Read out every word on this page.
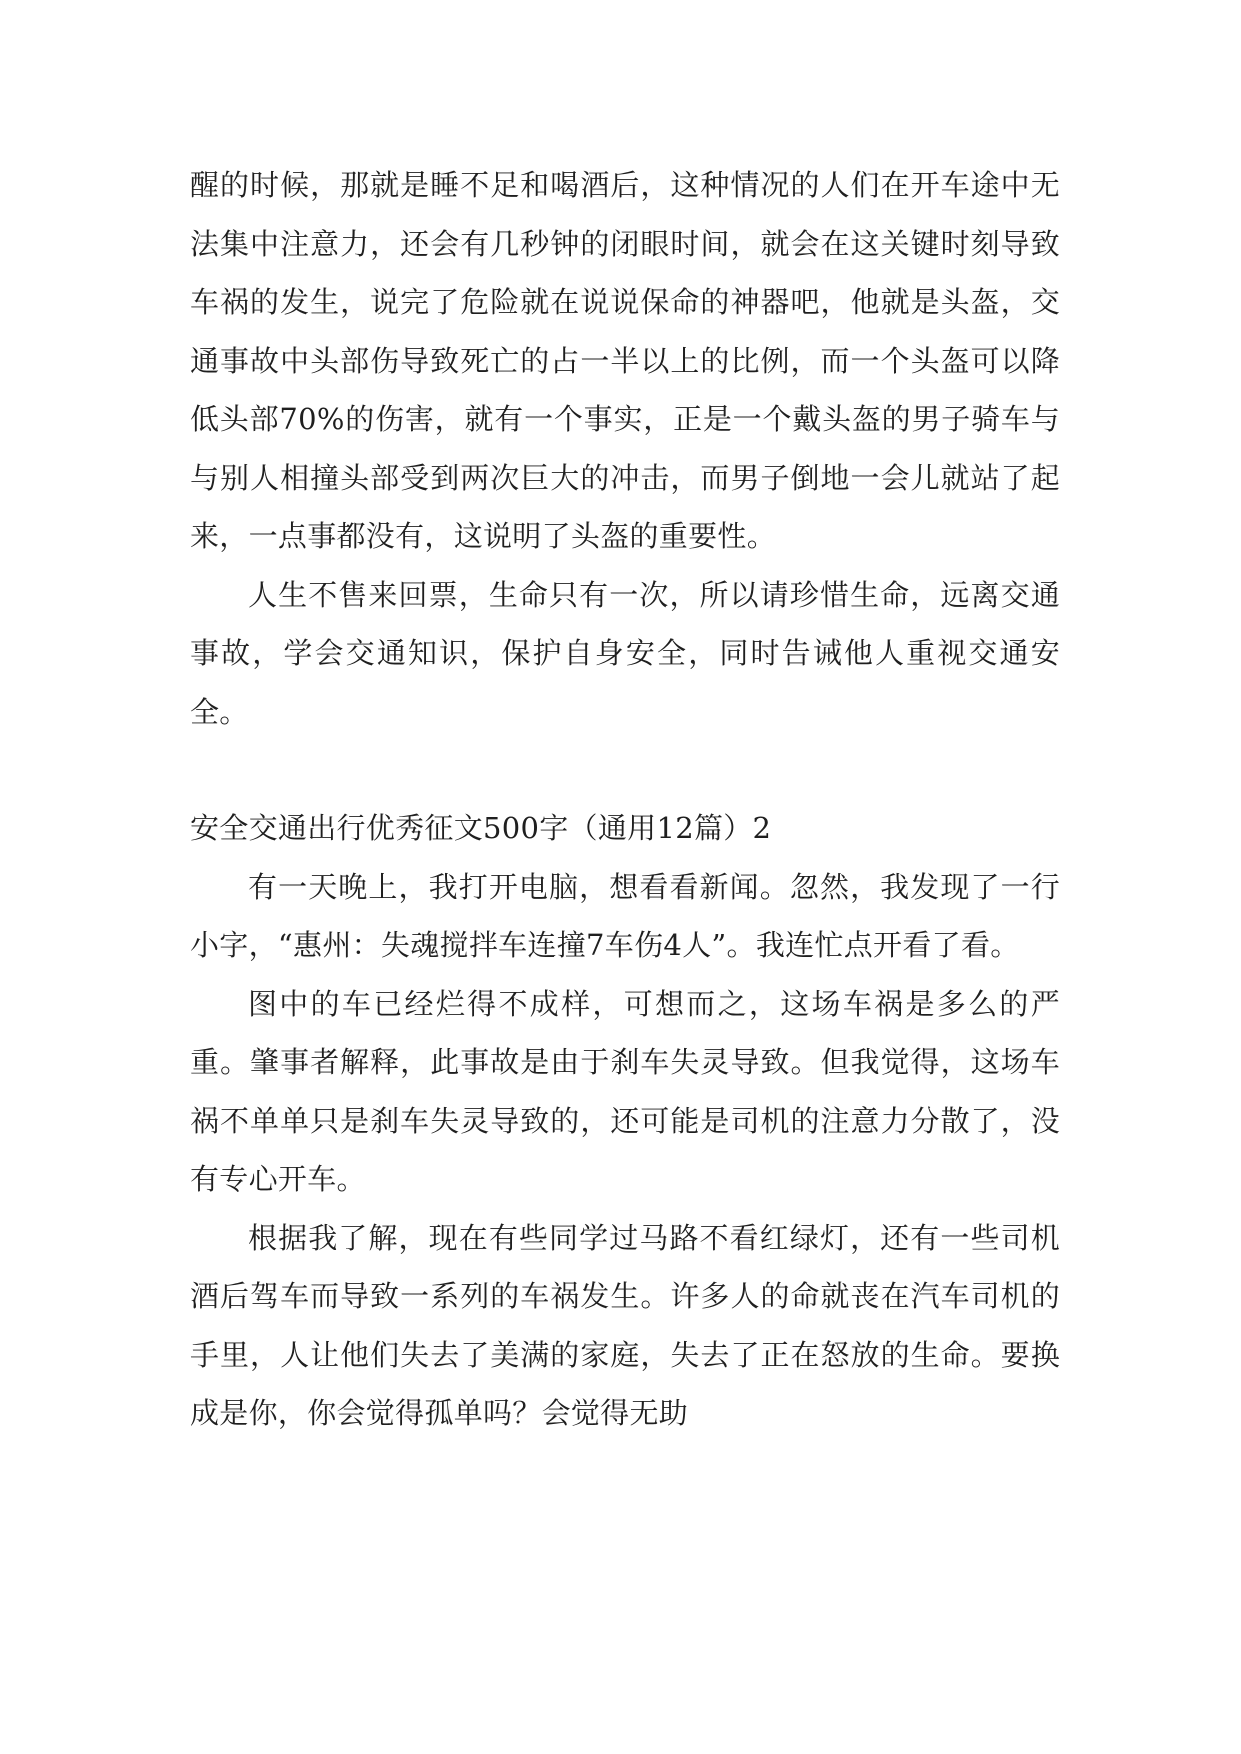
醒的时候，那就是睡不足和喝酒后，这种情况的人们在开车途中无法集中注意力，还会有几秒钟的闭眼时间，就会在这关键时刻导致车祸的发生，说完了危险就在说说保命的神器吧，他就是头盔，交通事故中头部伤导致死亡的占一半以上的比例，而一个头盔可以降低头部70%的伤害，就有一个事实，正是一个戴头盔的男子骑车与与别人相撞头部受到两次巨大的冲击，而男子倒地一会儿就站了起来，一点事都没有，这说明了头盔的重要性。

人生不售来回票，生命只有一次，所以请珍惜生命，远离交通事故，学会交通知识，保护自身安全，同时告诫他人重视交通安全。

安全交通出行优秀征文500字（通用12篇）2

有一天晚上，我打开电脑，想看看新闻。忽然，我发现了一行小字，“惠州：失魂搅拌车连撞7车伤4人”。我连忙点开看了看。

图中的车已经烂得不成样，可想而之，这场车祸是多么的严重。肇事者解释，此事故是由于刹车失灵导致。但我觉得，这场车祸不单单只是刹车失灵导致的，还可能是司机的注意力分散了，没有专心开车。

根据我了解，现在有些同学过马路不看红绿灯，还有一些司机酒后驾车而导致一系列的车祸发生。许多人的命就丧在汽车司机的手里，人让他们失去了美满的家庭，失去了正在怒放的生命。要换成是你，你会觉得孤单吗？会觉得无助
